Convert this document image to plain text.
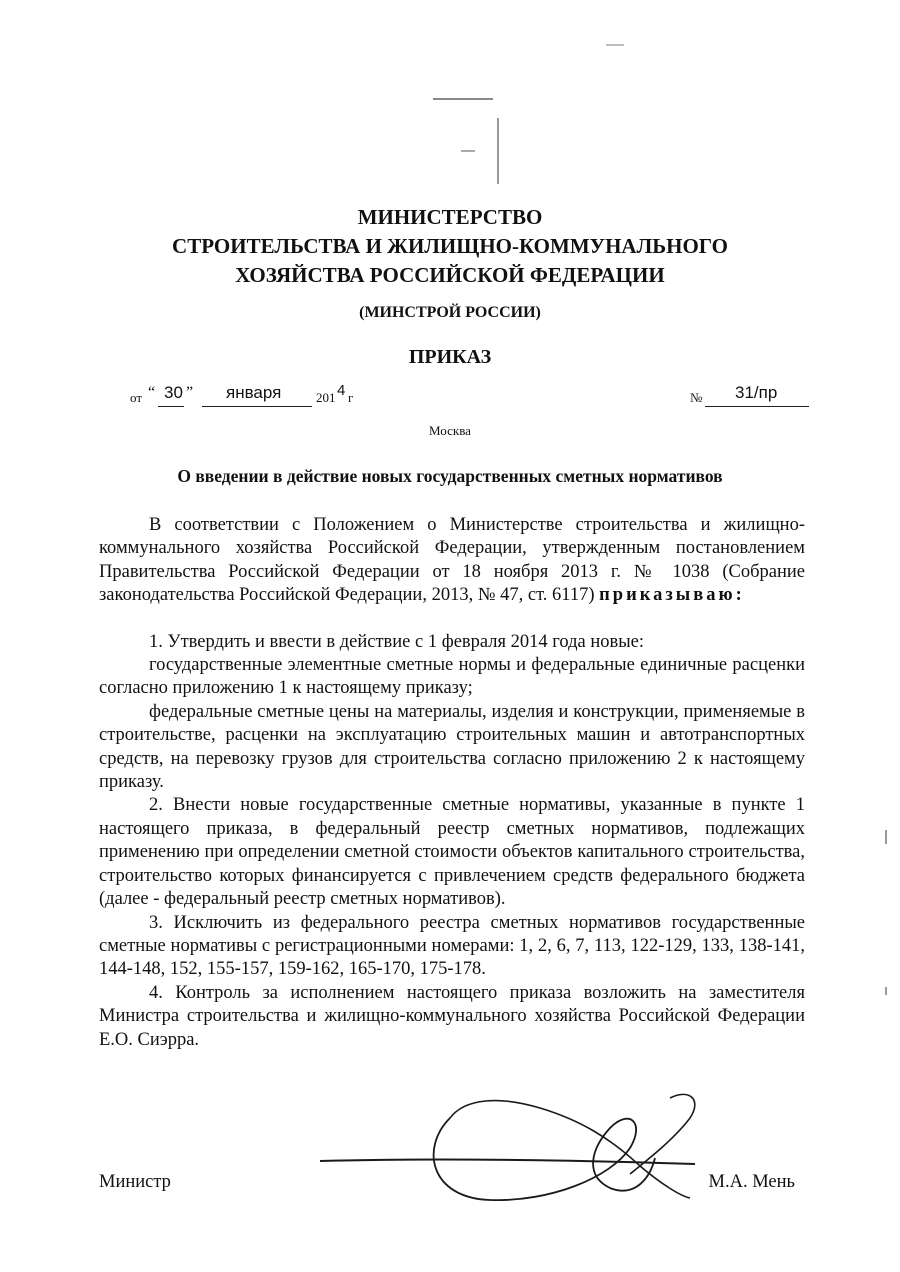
МИНИСТЕРСТВО
СТРОИТЕЛЬСТВА И ЖИЛИЩНО-КОММУНАЛЬНОГО
ХОЗЯЙСТВА РОССИЙСКОЙ ФЕДЕРАЦИИ
(МИНСТРОЙ РОССИИ)
ПРИКАЗ
от “ 30 ” января	201 4 г	№ 31/пр
Москва
О введении в действие новых государственных сметных нормативов

В соответствии с Положением о Министерстве строительства и жилищно-коммунального хозяйства Российской Федерации, утвержденным постановлением Правительства Российской Федерации от 18 ноября 2013 г. № 1038 (Собрание законодательства Российской Федерации, 2013, № 47, ст. 6117) приказываю:

1. Утвердить и ввести в действие с 1 февраля 2014 года новые:

государственные элементные сметные нормы и федеральные единичные расценки согласно приложению 1 к настоящему приказу;

федеральные сметные цены на материалы, изделия и конструкции, применяемые в строительстве, расценки на эксплуатацию строительных машин и автотранспортных средств, на перевозку грузов для строительства согласно приложению 2 к настоящему приказу.

2. Внести новые государственные сметные нормативы, указанные в пункте 1 настоящего приказа, в федеральный реестр сметных нормативов, подлежащих применению при определении сметной стоимости объектов капитального строительства, строительство которых финансируется с привлечением средств федерального бюджета (далее - федеральный реестр сметных нормативов).

3. Исключить из федерального реестра сметных нормативов государственные сметные нормативы с регистрационными номерами: 1, 2, 6, 7, 113, 122-129, 133, 138-141, 144-148, 152, 155-157, 159-162, 165-170, 175-178.

4. Контроль за исполнением настоящего приказа возложить на заместителя Министра строительства и жилищно-коммунального хозяйства Российской Федерации Е.О. Сиэрра.

Министр	М.А. Мень
